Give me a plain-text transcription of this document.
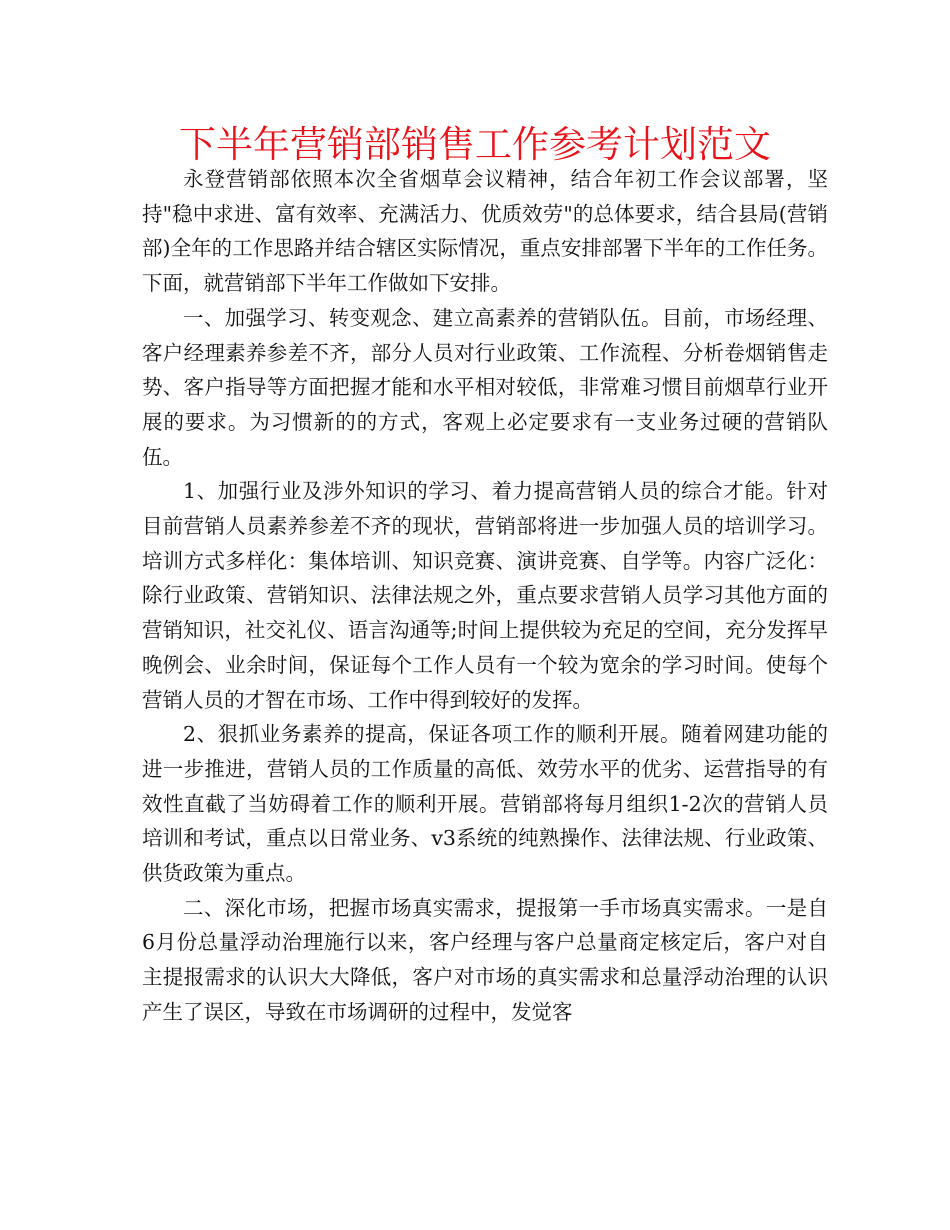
下半年营销部销售工作参考计划范文

永登营销部依照本次全省烟草会议精神，结合年初工作会议部署，坚持"稳中求进、富有效率、充满活力、优质效劳"的总体要求，结合县局(营销部)全年的工作思路并结合辖区实际情况，重点安排部署下半年的工作任务。下面，就营销部下半年工作做如下安排。

一、加强学习、转变观念、建立高素养的营销队伍。目前，市场经理、客户经理素养参差不齐，部分人员对行业政策、工作流程、分析卷烟销售走势、客户指导等方面把握才能和水平相对较低，非常难习惯目前烟草行业开展的要求。为习惯新的的方式，客观上必定要求有一支业务过硬的营销队伍。

1、加强行业及涉外知识的学习、着力提高营销人员的综合才能。针对目前营销人员素养参差不齐的现状，营销部将进一步加强人员的培训学习。培训方式多样化：集体培训、知识竞赛、演讲竞赛、自学等。内容广泛化：除行业政策、营销知识、法律法规之外，重点要求营销人员学习其他方面的营销知识，社交礼仪、语言沟通等;时间上提供较为充足的空间，充分发挥早晚例会、业余时间，保证每个工作人员有一个较为宽余的学习时间。使每个营销人员的才智在市场、工作中得到较好的发挥。

2、狠抓业务素养的提高，保证各项工作的顺利开展。随着网建功能的进一步推进，营销人员的工作质量的高低、效劳水平的优劣、运营指导的有效性直截了当妨碍着工作的顺利开展。营销部将每月组织1-2次的营销人员培训和考试，重点以日常业务、v3系统的纯熟操作、法律法规、行业政策、供货政策为重点。

二、深化市场，把握市场真实需求，提报第一手市场真实需求。一是自6月份总量浮动治理施行以来，客户经理与客户总量商定核定后，客户对自主提报需求的认识大大降低，客户对市场的真实需求和总量浮动治理的认识产生了误区，导致在市场调研的过程中，发觉客
